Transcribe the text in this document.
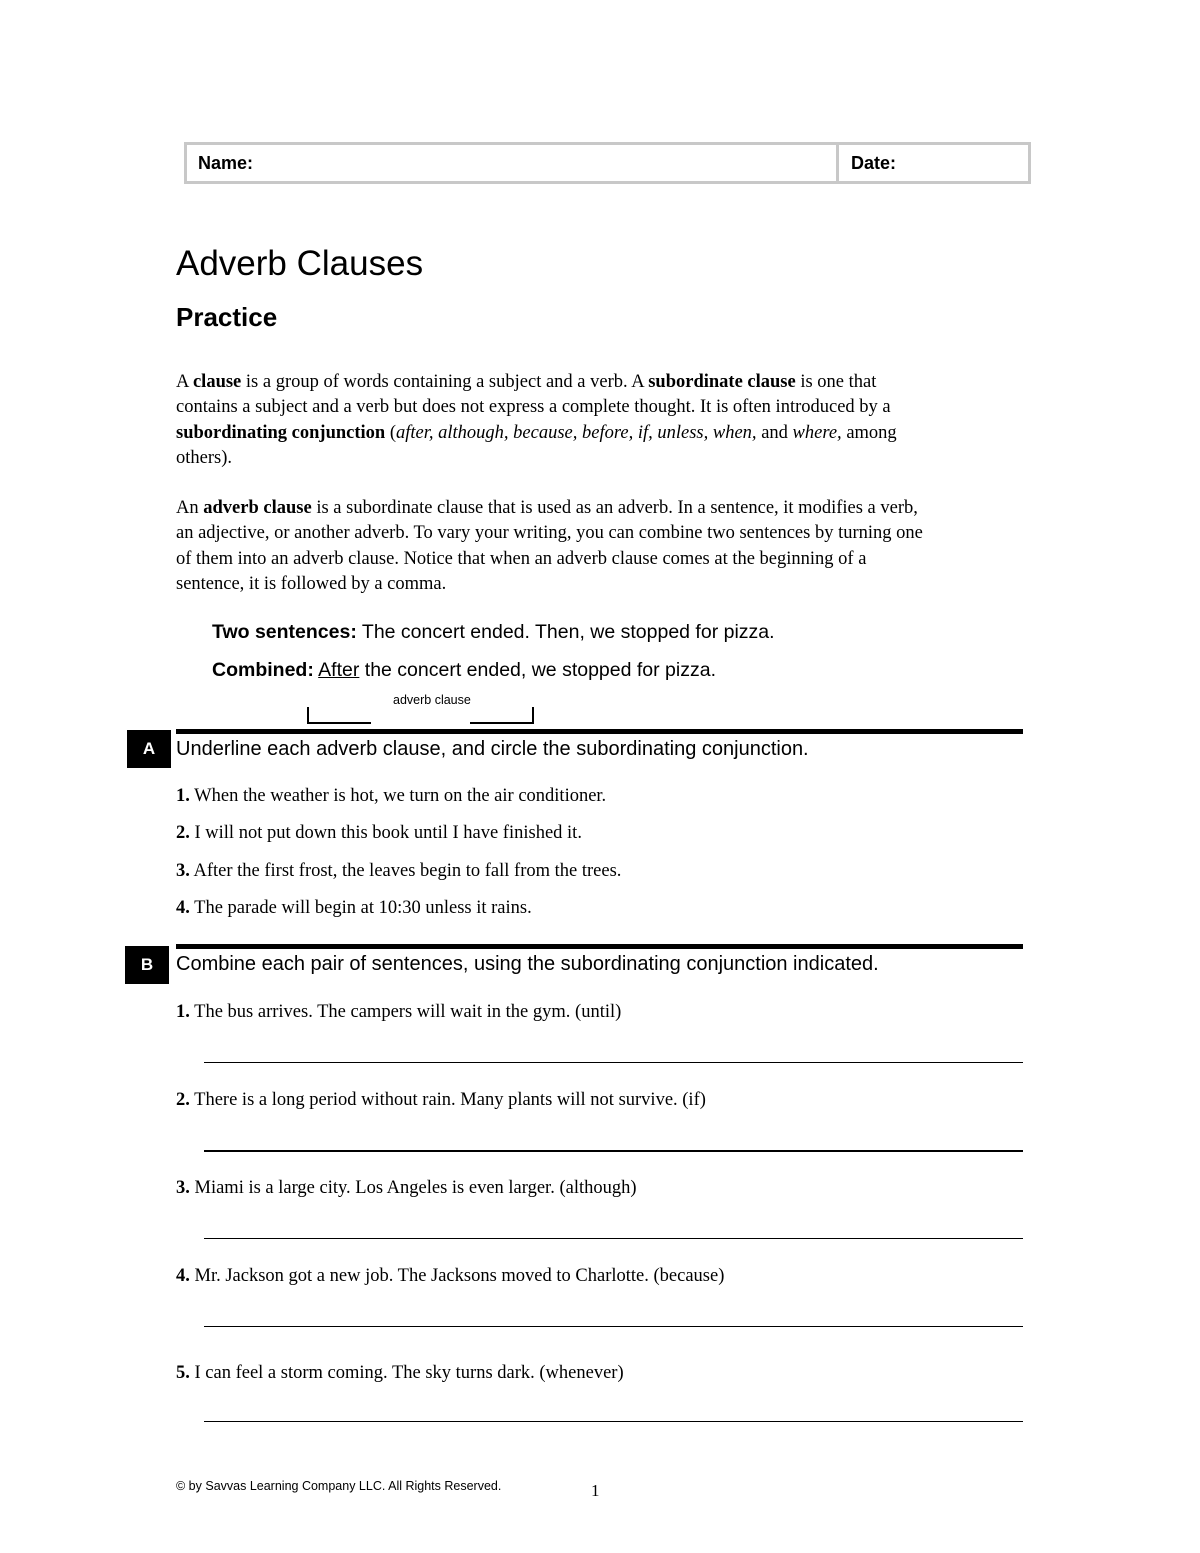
Name:	Date:
Adverb Clauses
Practice

A clause is a group of words containing a subject and a verb. A subordinate clause is one that contains a subject and a verb but does not express a complete thought. It is often introduced by a subordinating conjunction (after, although, because, before, if, unless, when, and where, among others).

An adverb clause is a subordinate clause that is used as an adverb. In a sentence, it modifies a verb, an adjective, or another adverb. To vary your writing, you can combine two sentences by turning one of them into an adverb clause. Notice that when an adverb clause comes at the beginning of a sentence, it is followed by a comma.

Two sentences: The concert ended. Then, we stopped for pizza.
Combined: After the concert ended, we stopped for pizza.
adverb clause
A	Underline each adverb clause, and circle the subordinating conjunction.
1. When the weather is hot, we turn on the air conditioner.
2. I will not put down this book until I have finished it.
3. After the first frost, the leaves begin to fall from the trees.
4. The parade will begin at 10:30 unless it rains.
B	Combine each pair of sentences, using the subordinating conjunction indicated.
1. The bus arrives. The campers will wait in the gym. (until)
2. There is a long period without rain. Many plants will not survive. (if)
3. Miami is a large city. Los Angeles is even larger. (although)
4. Mr. Jackson got a new job. The Jacksons moved to Charlotte. (because)
5. I can feel a storm coming. The sky turns dark. (whenever)
© by Savvas Learning Company LLC. All Rights Reserved.	1
